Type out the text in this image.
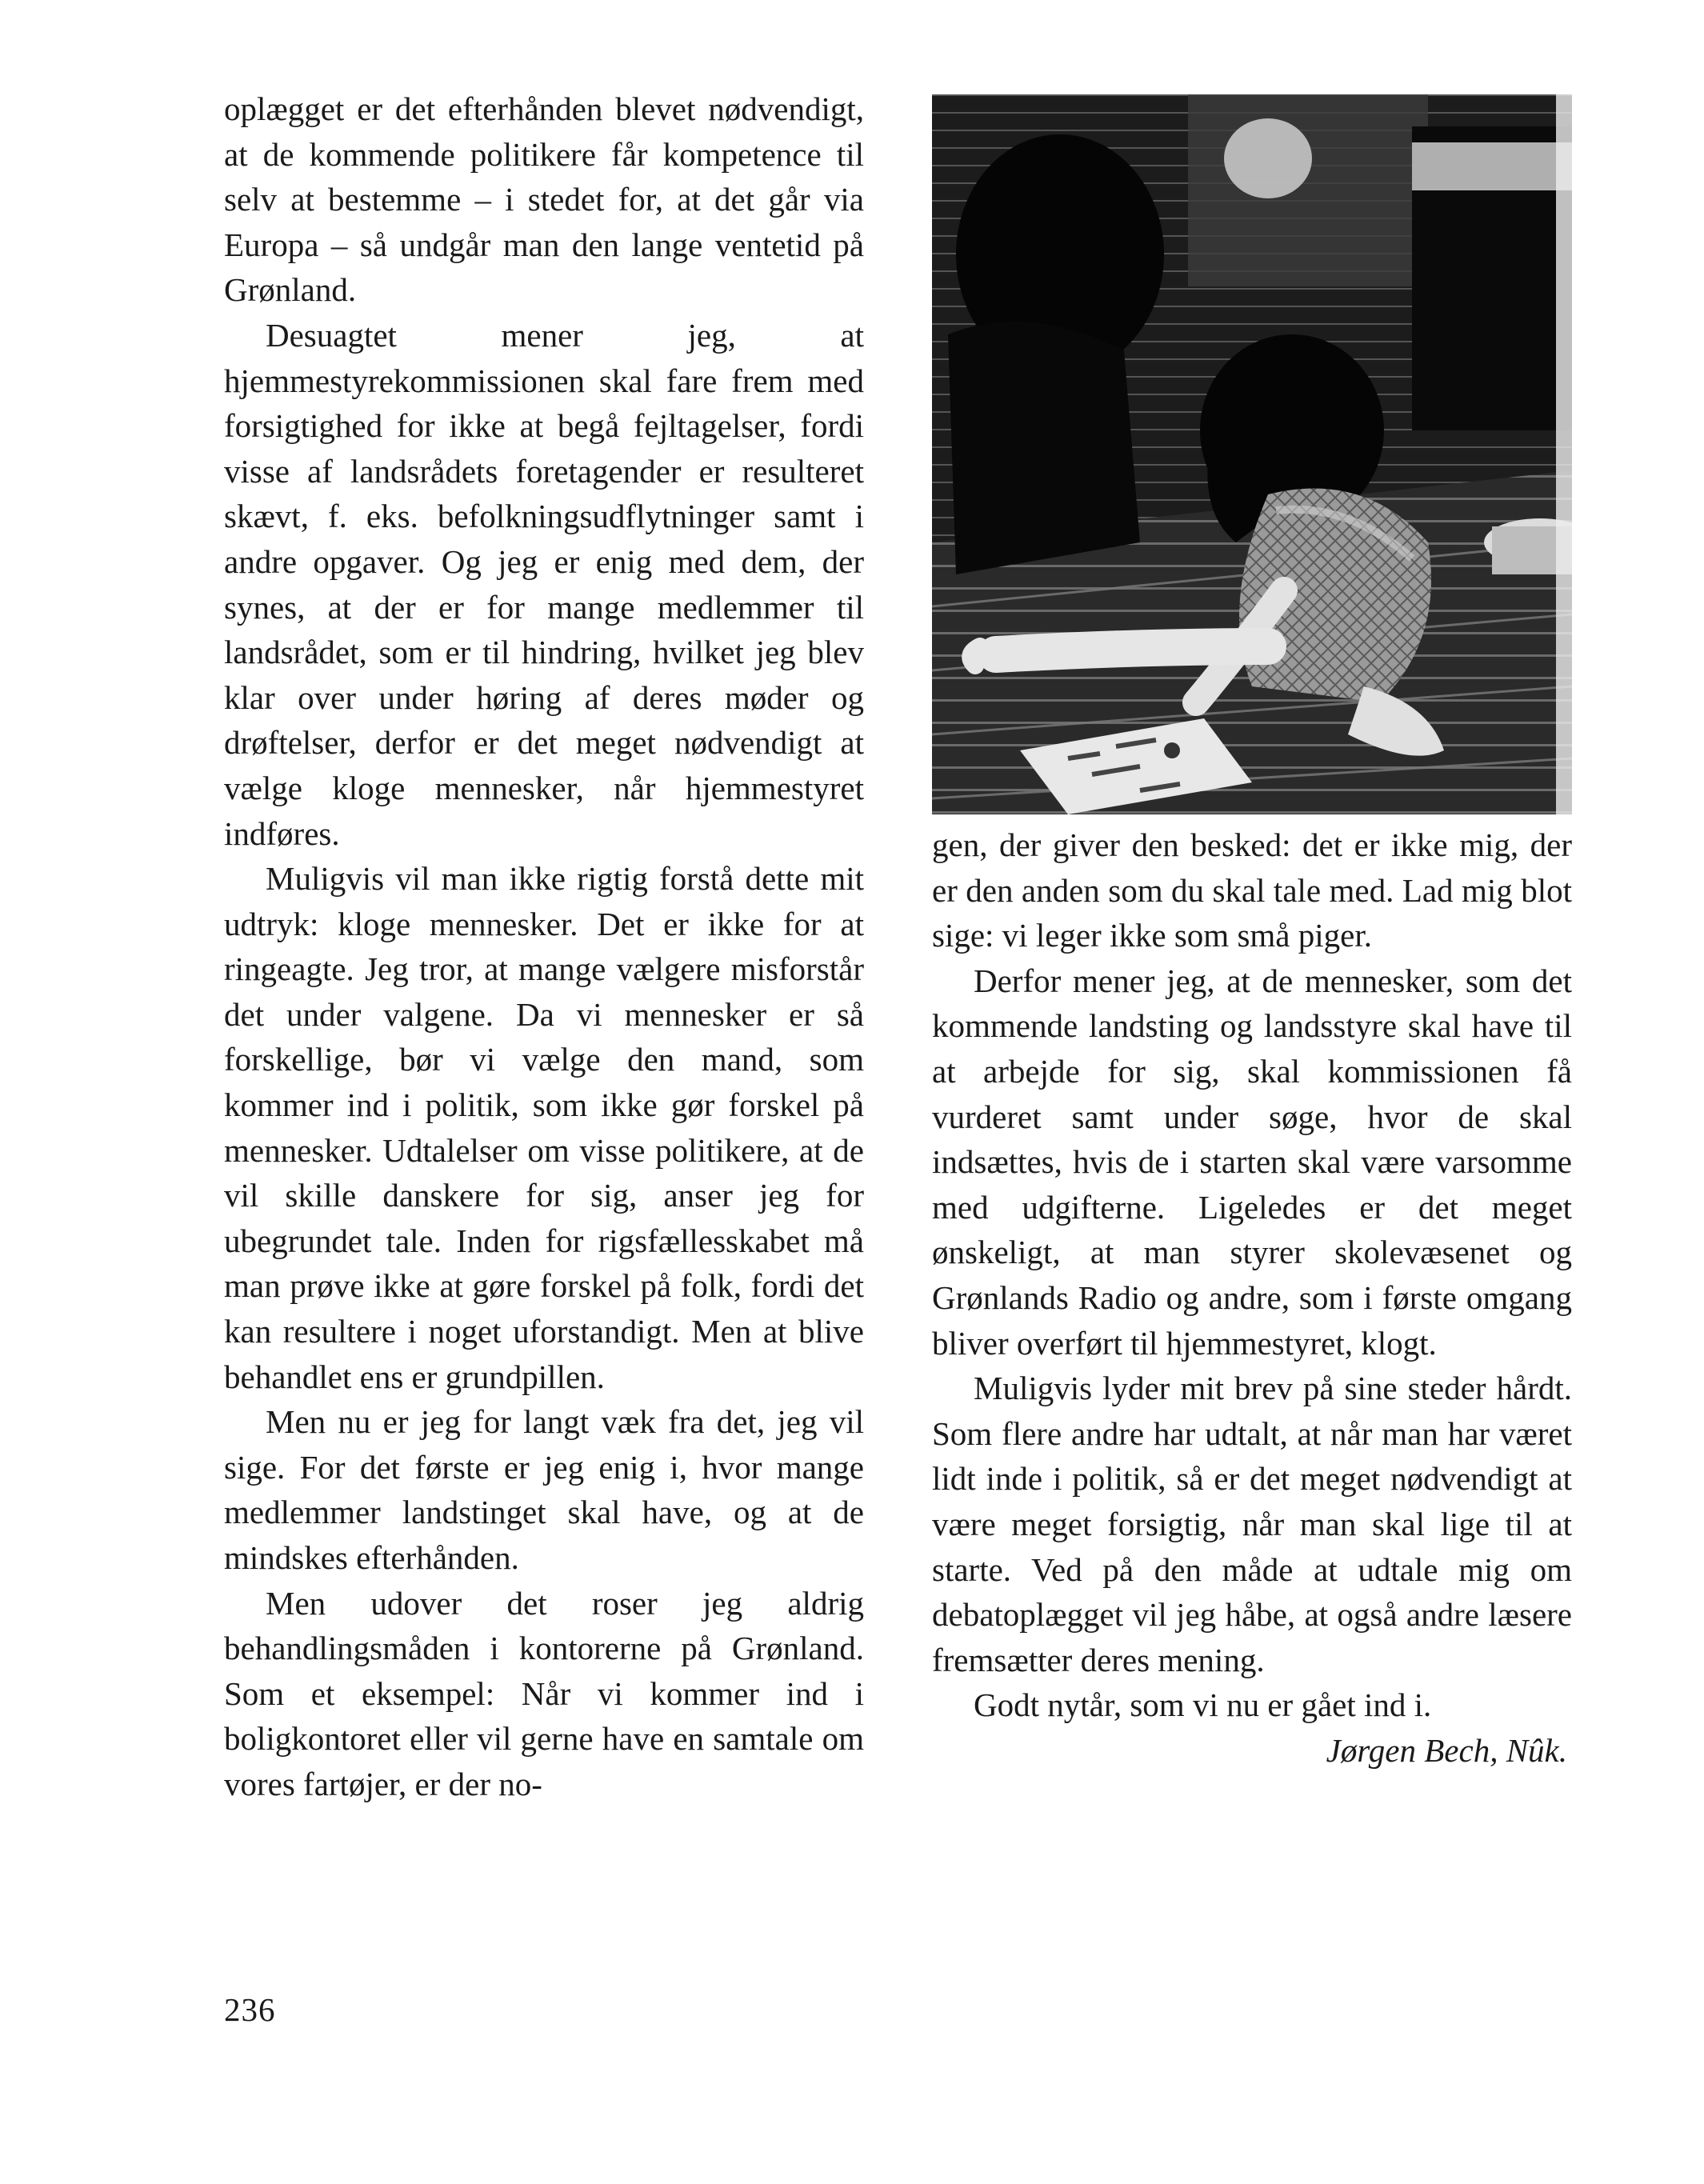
oplægget er det efterhånden blevet nødvendigt, at de kommende politikere får kompetence til selv at bestemme – i stedet for, at det går via Europa – så undgår man den lange ventetid på Grønland.

Desuagtet mener jeg, at hjemmestyrekommissionen skal fare frem med forsigtighed for ikke at begå fejltagelser, fordi visse af landsrådets foretagender er resulteret skævt, f. eks. befolkningsudflytninger samt i andre opgaver. Og jeg er enig med dem, der synes, at der er for mange medlemmer til landsrådet, som er til hindring, hvilket jeg blev klar over under høring af deres møder og drøftelser, derfor er det meget nødvendigt at vælge kloge mennesker, når hjemmestyret indføres.

Muligvis vil man ikke rigtig forstå dette mit udtryk: kloge mennesker. Det er ikke for at ringeagte. Jeg tror, at mange vælgere misforstår det under valgene. Da vi mennesker er så forskellige, bør vi vælge den mand, som kommer ind i politik, som ikke gør forskel på mennesker. Udtalelser om visse politikere, at de vil skille danskere for sig, anser jeg for ubegrundet tale. Inden for rigsfællesskabet må man prøve ikke at gøre forskel på folk, fordi det kan resultere i noget uforstandigt. Men at blive behandlet ens er grundpillen.

Men nu er jeg for langt væk fra det, jeg vil sige. For det første er jeg enig i, hvor mange medlemmer landstinget skal have, og at de mindskes efterhånden.

Men udover det roser jeg aldrig behandlingsmåden i kontorerne på Grønland. Som et eksempel: Når vi kommer ind i boligkontoret eller vil gerne have en samtale om vores fartøjer, er der no-

gen, der giver den besked: det er ikke mig, der er den anden som du skal tale med. Lad mig blot sige: vi leger ikke som små piger.

Derfor mener jeg, at de mennesker, som det kommende landsting og landsstyre skal have til at arbejde for sig, skal kommissionen få vurderet samt under søge, hvor de skal indsættes, hvis de i starten skal være varsomme med udgifterne. Ligeledes er det meget ønskeligt, at man styrer skolevæsenet og Grønlands Radio og andre, som i første omgang bliver overført til hjemmestyret, klogt.

Muligvis lyder mit brev på sine steder hårdt. Som flere andre har udtalt, at når man har været lidt inde i politik, så er det meget nødvendigt at være meget forsigtig, når man skal lige til at starte. Ved på den måde at udtale mig om debatoplægget vil jeg håbe, at også andre læsere fremsætter deres mening.

Godt nytår, som vi nu er gået ind i.

Jørgen Bech, Nûk.

236
